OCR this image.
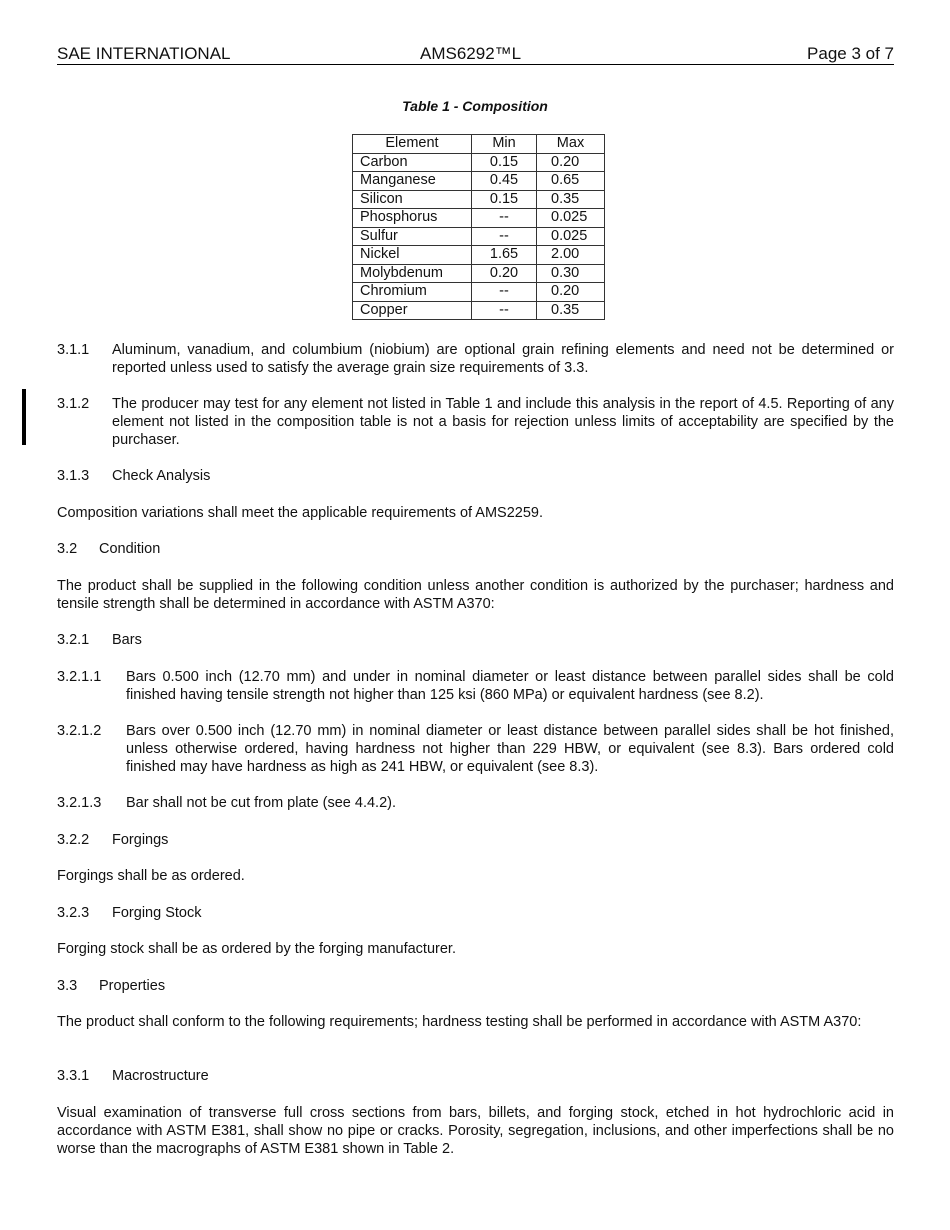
SAE INTERNATIONAL	AMS6292™L	Page 3 of 7
Table 1 - Composition
Element	Min	Max
Carbon	0.15	0.20
Manganese	0.45	0.65
Silicon	0.15	0.35
Phosphorus	--	0.025
Sulfur	--	0.025
Nickel	1.65	2.00
Molybdenum	0.20	0.30
Chromium	--	0.20
Copper	--	0.35
3.1.1 Aluminum, vanadium, and columbium (niobium) are optional grain refining elements and need not be determined or reported unless used to satisfy the average grain size requirements of 3.3.
3.1.2 The producer may test for any element not listed in Table 1 and include this analysis in the report of 4.5. Reporting of any element not listed in the composition table is not a basis for rejection unless limits of acceptability are specified by the purchaser.
3.1.3 Check Analysis
Composition variations shall meet the applicable requirements of AMS2259.
3.2 Condition
The product shall be supplied in the following condition unless another condition is authorized by the purchaser; hardness and tensile strength shall be determined in accordance with ASTM A370:
3.2.1 Bars
3.2.1.1 Bars 0.500 inch (12.70 mm) and under in nominal diameter or least distance between parallel sides shall be cold finished having tensile strength not higher than 125 ksi (860 MPa) or equivalent hardness (see 8.2).
3.2.1.2 Bars over 0.500 inch (12.70 mm) in nominal diameter or least distance between parallel sides shall be hot finished, unless otherwise ordered, having hardness not higher than 229 HBW, or equivalent (see 8.3). Bars ordered cold finished may have hardness as high as 241 HBW, or equivalent (see 8.3).
3.2.1.3 Bar shall not be cut from plate (see 4.4.2).
3.2.2 Forgings
Forgings shall be as ordered.
3.2.3 Forging Stock
Forging stock shall be as ordered by the forging manufacturer.
3.3 Properties
The product shall conform to the following requirements; hardness testing shall be performed in accordance with ASTM A370:
3.3.1 Macrostructure
Visual examination of transverse full cross sections from bars, billets, and forging stock, etched in hot hydrochloric acid in accordance with ASTM E381, shall show no pipe or cracks. Porosity, segregation, inclusions, and other imperfections shall be no worse than the macrographs of ASTM E381 shown in Table 2.
